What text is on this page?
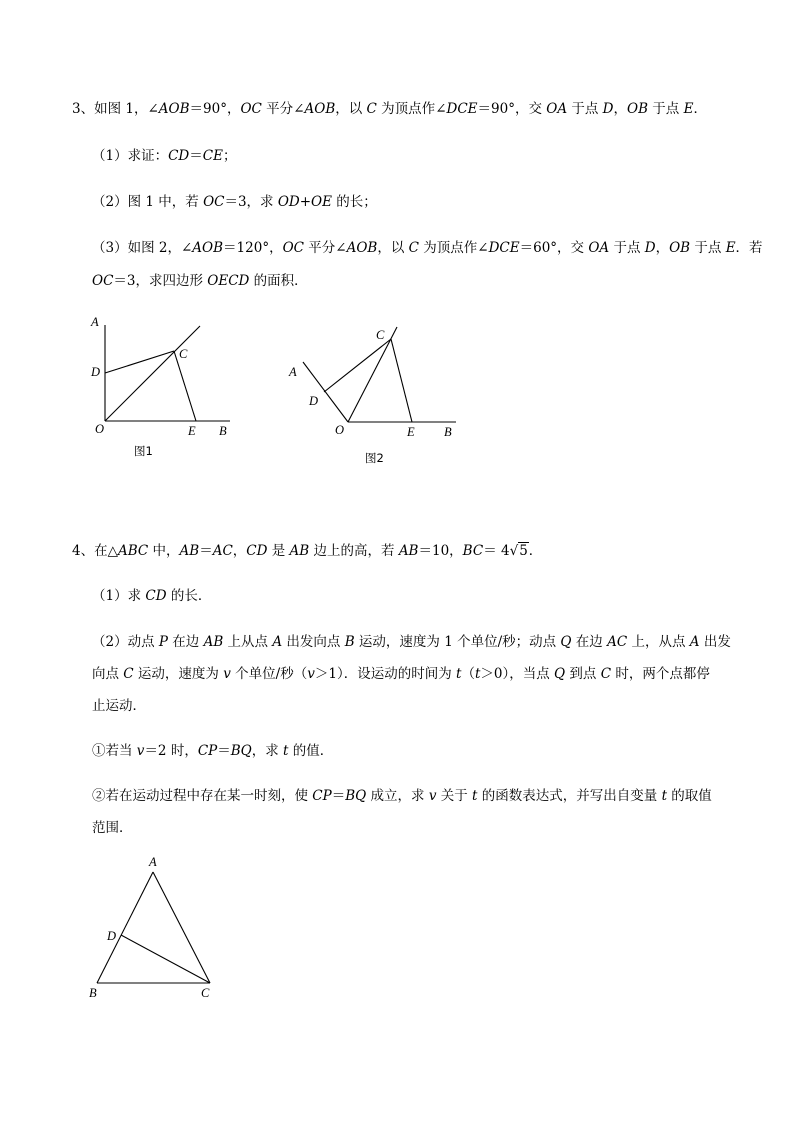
3、如图 1，∠AOB＝90°，OC 平分∠AOB，以 C 为顶点作∠DCE＝90°，交 OA 于点 D，OB 于点 E．
（1）求证：CD＝CE；
（2）图 1 中，若 OC＝3，求 OD+OE 的长；
（3）如图 2，∠AOB＝120°，OC 平分∠AOB，以 C 为顶点作∠DCE＝60°，交 OA 于点 D，OB 于点 E．若
OC＝3，求四边形 OECD 的面积．
A
D
C
O	E B
图1
A
D
C
O	E B
图2
4、在△ABC 中，AB＝AC，CD 是 AB 边上的高，若 AB＝10，BC＝ 4√5．
（1）求 CD 的长．
（2）动点 P 在边 AB 上从点 A 出发向点 B 运动，速度为 1 个单位/秒；动点 Q 在边 AC 上，从点 A 出发
向点 C 运动，速度为 v 个单位/秒（v＞1）．设运动的时间为 t（t＞0），当点 Q 到点 C 时，两个点都停
止运动．
①若当 v＝2 时，CP＝BQ，求 t 的值．
②若在运动过程中存在某一时刻，使 CP＝BQ 成立，求 v 关于 t 的函数表达式，并写出自变量 t 的取值
范围．
A
D
B	C
